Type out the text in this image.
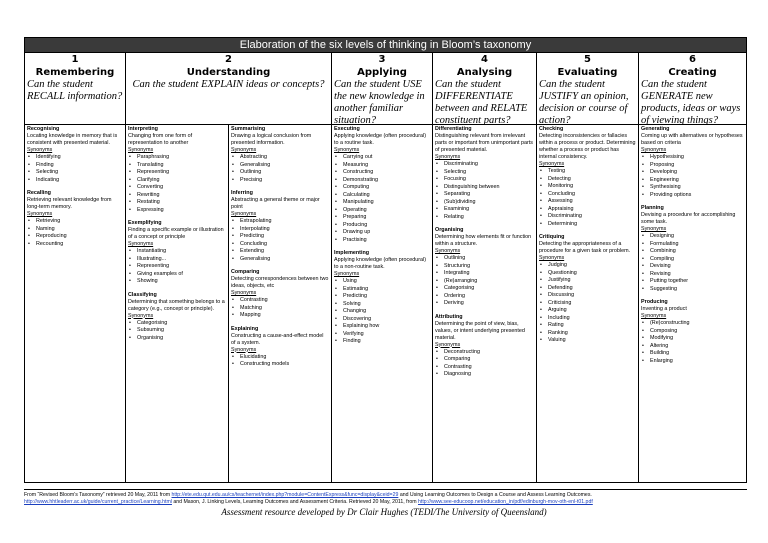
Elaboration of the six levels of thinking in Bloom’s taxonomy
1
Remembering
Can the student RECALL information?
2
Understanding
Can the student EXPLAIN ideas or concepts?
3
Applying
Can the student USE the new knowledge in another familiar situation?
4
Analysing
Can the student DIFFERENTIATE between and RELATE constituent parts?
5
Evaluating
Can the student JUSTIFY an opinion, decision or course of action?
6
Creating
Can the student GENERATE new products, ideas or ways of viewing things?
Recognising
Locating knowledge in memory that is consistent with presented material.
Synonyms
• Identifying
• Finding
• Selecting
• Indicating
Recalling
Retrieving relevant knowledge from long-term memory.
Synonyms
• Retrieving
• Naming
• Reproducing
• Recounting
Interpreting
Changing from one form of representation to another
Synonyms
• Paraphrasing
• Translating
• Representing
• Clarifying
• Converting
• Rewriting
• Restating
• Expressing
Exemplifying
Finding a specific example or illustration of a concept or principle
Synonyms
• Instantiating
• Illustrating...
• Representing
• Giving examples of
• Showing
Classifying
Determining that something belongs to a category (e.g., concept or principle).
Synonyms
• Categorising
• Subsuming
• Organising
Summarising
Drawing a logical conclusion from presented information.
Synonyms
• Abstracting
• Generalising
• Outlining
• Precising
Inferring
Abstracting a general theme or major point
Synonyms
• Extrapolating
• Interpolating
• Predicting
• Concluding
• Extending
• Generalising
Comparing
Detecting correspondences between two ideas, objects, etc
Synonyms
• Contrasting
• Matching
• Mapping
Explaining
Constructing a cause-and-effect model of a system.
Synonyms
• Elucidating
• Constructing models
Executing
Applying knowledge (often procedural) to a routine task.
Synonyms
• Carrying out
• Measuring
• Constructing
• Demonstrating
• Computing
• Calculating
• Manipulating
• Operating
• Preparing
• Producing
• Drawing up
• Practising
Implementing
Applying knowledge (often procedural) to a non-routine task.
Synonyms
• Using
• Estimating
• Predicting
• Solving
• Changing
• Discovering
• Explaining how
• Verifying
• Finding
Differentiating
Distinguishing relevant from irrelevant parts or important from unimportant parts of presented material.
Synonyms
• Discriminating
• Selecting
• Focusing
• Distinguishing between
• Separating
• (Sub)dividing
• Examining
• Relating
Organising
Determining how elements fit or function within a structure.
Synonyms
• Outlining
• Structuring
• Integrating
• (Re)arranging
• Categorising
• Ordering
• Deriving
Attributing
Determining the point of view, bias, values, or intent underlying presented material.
Synonyms
• Deconstructing
• Comparing
• Contrasting
• Diagnosing
Checking
Detecting inconsistencies or fallacies within a process or product. Determining whether a process or product has internal consistency.
Synonyms
• Testing
• Detecting
• Monitoring
• Concluding
• Assessing
• Appraising
• Discriminating
• Determining
Critiquing
Detecting the appropriateness of a procedure for a given task or problem.
Synonyms
• Judging
• Questioning
• Justifying
• Defending
• Discussing
• Criticising
• Arguing
• Including
• Rating
• Ranking
• Valuing
Generating
Coming up with alternatives or hypotheses based on criteria
Synonyms
• Hypothesising
• Proposing
• Developing
• Engineering
• Synthesising
• Providing options
Planning
Devising a procedure for accomplishing some task.
Synonyms
• Designing
• Formulating
• Combining
• Compiling
• Devising
• Revising
• Putting together
• Suggesting
Producing
Inventing a product
Synonyms
• (Re)constructing
• Composing
• Modifying
• Altering
• Building
• Enlarging
From “Revised Bloom’s Taxonomy” retrieved 20 May, 2011 from http://ete.edu.qut.edu.au/cs/teachernet/index.php?module=ContentExpress&func=display&ceid=29 and Using Learning Outcomes to Design a Course and Assess Learning Outcomes.
http://www.hhtleaderr.ac.uk/guide/current_practice/Learning.html and Mason, J. Linking Levels, Learning Outcomes and Assessment Criteria. Retrieved 20 May, 2011, from http://www.see-educoop.net/education_in/pdf/edinburgh-mov-oth-enl-t01.pdf
Assessment resource developed by Dr Clair Hughes (TEDI/The University of Queensland)
